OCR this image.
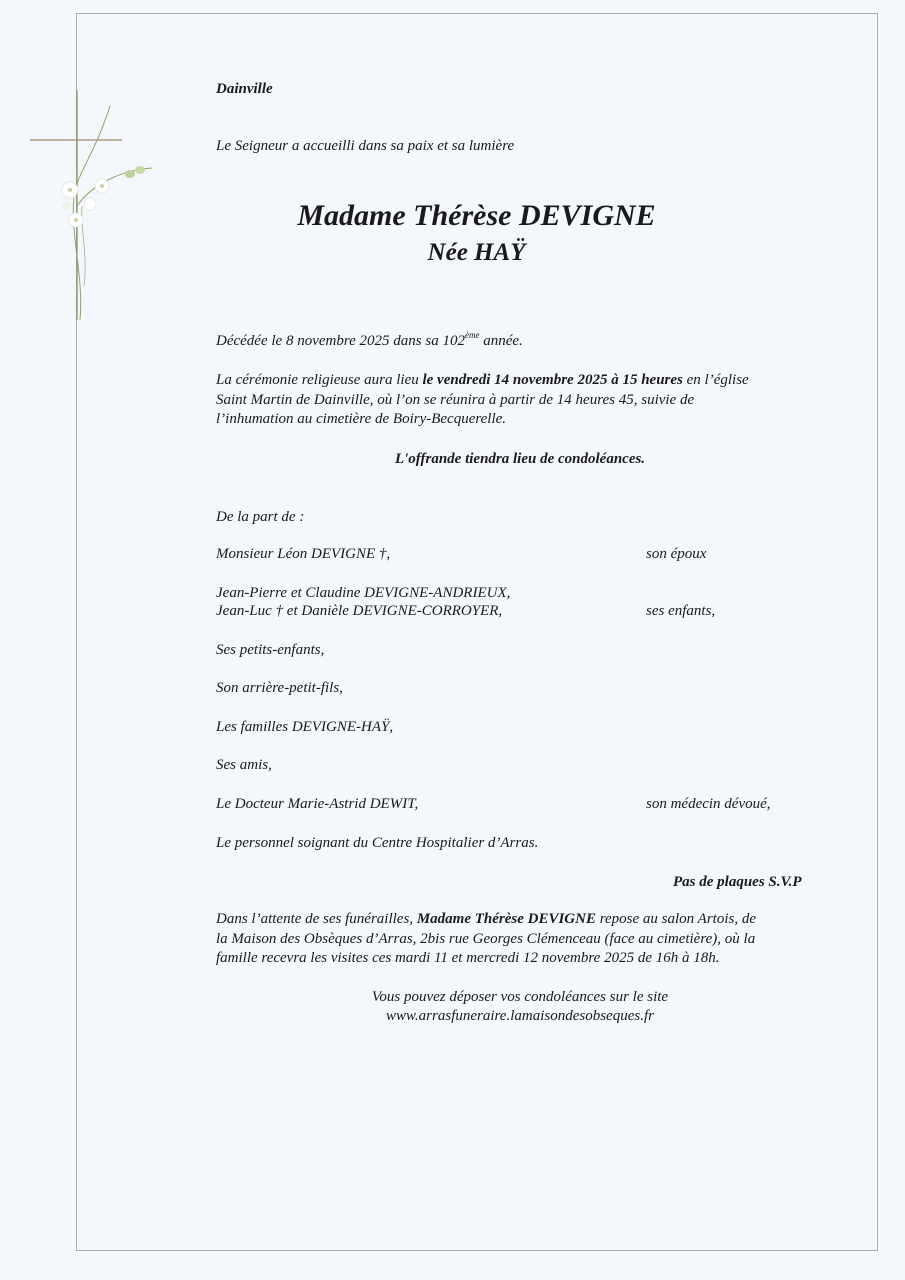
Dainville

Le Seigneur a accueilli dans sa paix et sa lumière

Madame Thérèse DEVIGNE

Née HAŸ

Décédée le 8 novembre 2025 dans sa 102ème année.

La cérémonie religieuse aura lieu le vendredi 14 novembre 2025 à 15 heures en l’église

Saint Martin de Dainville, où l’on se réunira à partir de 14 heures 45, suivie de

l’inhumation au cimetière de Boiry-Becquerelle.

L'offrande tiendra lieu de condoléances.

De la part de :

Monsieur Léon DEVIGNE †,	son époux

Jean-Pierre et Claudine DEVIGNE-ANDRIEUX,

Jean-Luc † et Danièle DEVIGNE-CORROYER,	ses enfants,

Ses petits-enfants,

Son arrière-petit-fils,

Les familles DEVIGNE-HAŸ,

Ses amis,

Le Docteur Marie-Astrid DEWIT,	son médecin dévoué,

Le personnel soignant du Centre Hospitalier d’Arras.

Pas de plaques S.V.P

Dans l’attente de ses funérailles, Madame Thérèse DEVIGNE repose au salon Artois, de

la Maison des Obsèques d’Arras, 2bis rue Georges Clémenceau (face au cimetière), où la

famille recevra les visites ces mardi 11 et mercredi 12 novembre 2025 de 16h à 18h.

Vous pouvez déposer vos condoléances sur le site

www.arrasfuneraire.lamaisondesobseques.fr
